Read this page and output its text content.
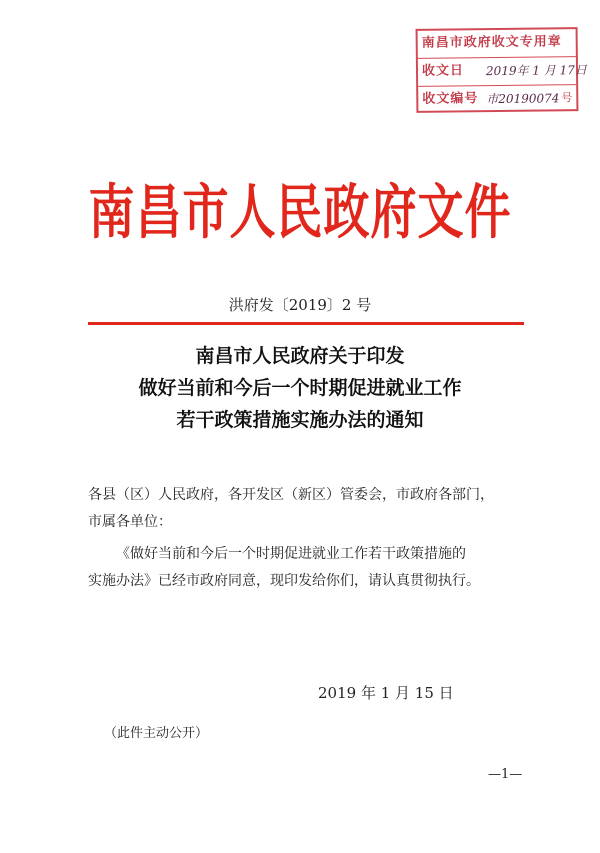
南昌市政府收文专用章
收文日 2019年 1 月 17日
收文编号 市20190074 号
南昌市人民政府文件
洪府发〔2019〕2 号
南昌市人民政府关于印发
做好当前和今后一个时期促进就业工作
若干政策措施实施办法的通知
各县（区）人民政府，各开发区（新区）管委会，市政府各部门，
市属各单位：
《做好当前和今后一个时期促进就业工作若干政策措施的
实施办法》已经市政府同意，现印发给你们，请认真贯彻执行。
2019 年 1 月 15 日
（此件主动公开）
—1—
